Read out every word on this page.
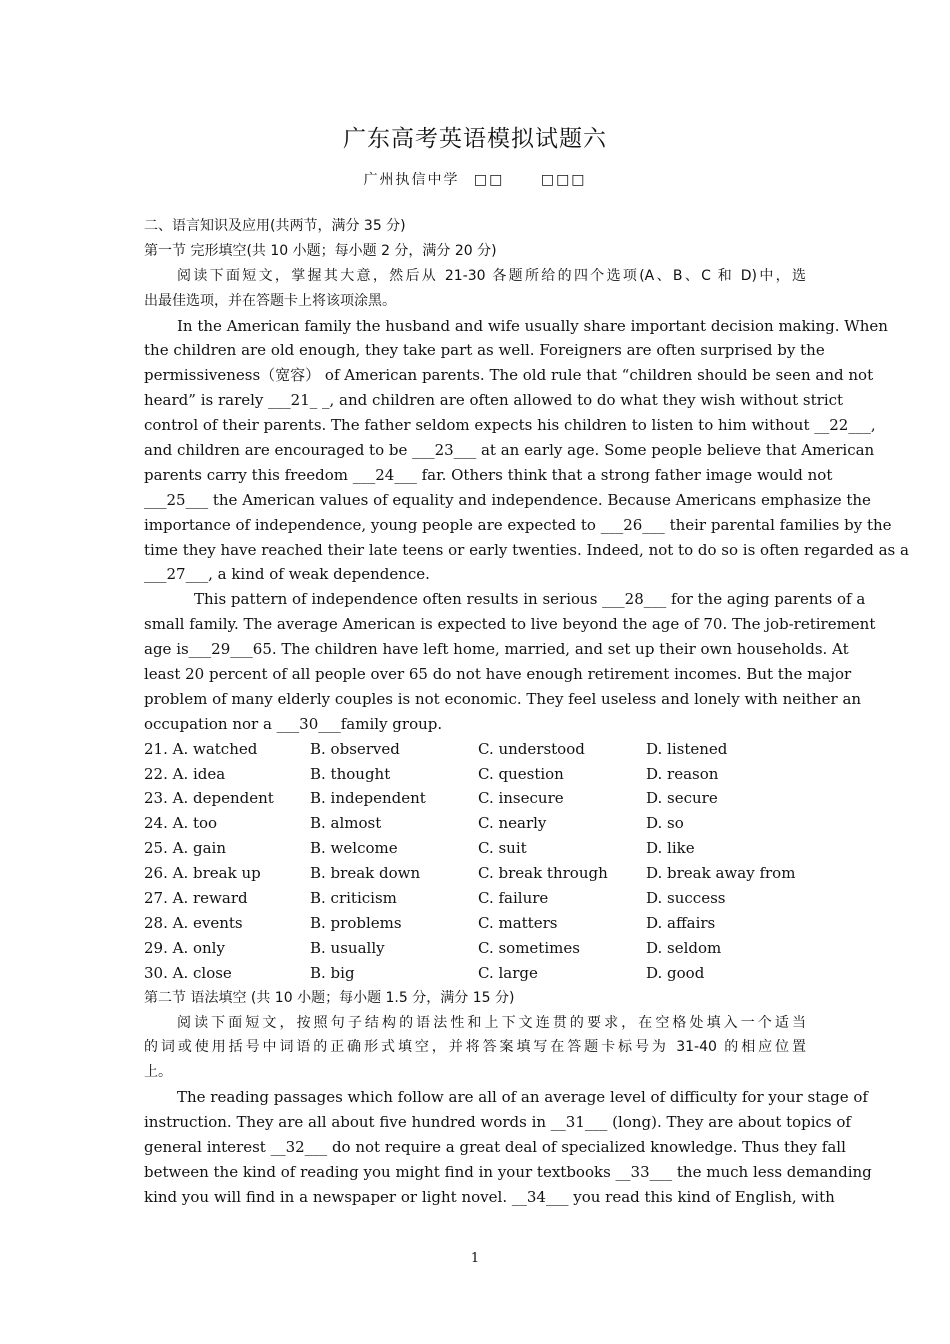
广东高考英语模拟试题六
广州执信中学 □□	□□□
二、语言知识及应用(共两节，满分 35 分)
第一节 完形填空(共 10 小题；每小题 2 分，满分 20 分)
阅读下面短文，掌握其大意，然后从 21-30 各题所给的四个选项(A、B、C 和 D)中，选
出最佳选项，并在答题卡上将该项涂黑。
In the American family the husband and wife usually share important decision making. When
the children are old enough, they take part as well. Foreigners are often surprised by the
permissiveness（宽容） of American parents. The old rule that “children should be seen and not
heard” is rarely ___21_ _, and children are often allowed to do what they wish without strict
control of their parents. The father seldom expects his children to listen to him without __22___,
and children are encouraged to be ___23___ at an early age. Some people believe that American
parents carry this freedom ___24___ far. Others think that a strong father image would not
___25___ the American values of equality and independence. Because Americans emphasize the
importance of independence, young people are expected to ___26___ their parental families by the
time they have reached their late teens or early twenties. Indeed, not to do so is often regarded as a
___27___, a kind of weak dependence.
This pattern of independence often results in serious ___28___ for the aging parents of a
small family. The average American is expected to live beyond the age of 70. The job-retirement
age is___29___65. The children have left home, married, and set up their own households. At
least 20 percent of all people over 65 do not have enough retirement incomes. But the major
problem of many elderly couples is not economic. They feel useless and lonely with neither an
occupation nor a ___30___family group.
21. A. watched	B. observed	C. understood	D. listened
22. A. idea	B. thought	C. question	D. reason
23. A. dependent	B. independent	C. insecure	D. secure
24. A. too	B. almost	C. nearly	D. so
25. A. gain	B. welcome	C. suit	D. like
26. A. break up	B. break down	C. break through	D. break away from
27. A. reward	B. criticism	C. failure	D. success
28. A. events	B. problems	C. matters	D. affairs
29. A. only	B. usually	C. sometimes	D. seldom
30. A. close	B. big	C. large	D. good
第二节 语法填空 (共 10 小题；每小题 1.5 分，满分 15 分)
阅读下面短文，按照句子结构的语法性和上下文连贯的要求，在空格处填入一个适当
的词或使用括号中词语的正确形式填空，并将答案填写在答题卡标号为 31-40 的相应位置
上。
The reading passages which follow are all of an average level of difficulty for your stage of
instruction. They are all about five hundred words in __31___ (long). They are about topics of
general interest __32___ do not require a great deal of specialized knowledge. Thus they fall
between the kind of reading you might find in your textbooks __33___ the much less demanding
kind you will find in a newspaper or light novel. __34___ you read this kind of English, with
1
